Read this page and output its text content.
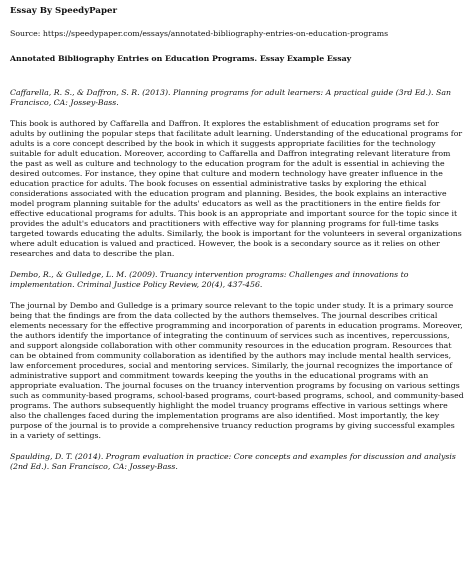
Essay By SpeedyPaper
Source: https://speedypaper.com/essays/annotated-bibliography-entries-on-education-programs
Annotated Bibliography Entries on Education Programs. Essay Example Essay
Caffarella, R. S., & Daffron, S. R. (2013). Planning programs for adult learners: A practical guide (3rd Ed.). San Francisco, CA: Jossey-Bass.
This book is authored by Caffarella and Daffron. It explores the establishment of education programs set for adults by outlining the popular steps that facilitate adult learning. Understanding of the educational programs for adults is a core concept described by the book in which it suggests appropriate facilities for the technology suitable for adult education. Moreover, according to Caffarella and Daffron integrating relevant literature from the past as well as culture and technology to the education program for the adult is essential in achieving the desired outcomes. For instance, they opine that culture and modern technology have greater influence in the education practice for adults. The book focuses on essential administrative tasks by exploring the ethical considerations associated with the education program and planning. Besides, the book explains an interactive model program planning suitable for the adults' educators as well as the practitioners in the entire fields for effective educational programs for adults. This book is an appropriate and important source for the topic since it provides the adult's educators and practitioners with effective way for planning programs for full-time tasks targeted towards educating the adults. Similarly, the book is important for the volunteers in several organizations where adult education is valued and practiced. However, the book is a secondary source as it relies on other researches and data to describe the plan.
Dembo, R., & Gulledge, L. M. (2009). Truancy intervention programs: Challenges and innovations to implementation. Criminal Justice Policy Review, 20(4), 437-456.
The journal by Dembo and Gulledge is a primary source relevant to the topic under study. It is a primary source being that the findings are from the data collected by the authors themselves. The journal describes critical elements necessary for the effective programming and incorporation of parents in education programs. Moreover, the authors identify the importance of integrating the continuum of services such as incentives, repercussions, and support alongside collaboration with other community resources in the education program. Resources that can be obtained from community collaboration as identified by the authors may include mental health services, law enforcement procedures, social and mentoring services. Similarly, the journal recognizes the importance of administrative support and commitment towards keeping the youths in the educational programs with an appropriate evaluation. The journal focuses on the truancy intervention programs by focusing on various settings such as community-based programs, school-based programs, court-based programs, school, and community-based programs. The authors subsequently highlight the model truancy programs effective in various settings where also the challenges faced during the implementation programs are also identified. Most importantly, the key purpose of the journal is to provide a comprehensive truancy reduction programs by giving successful examples in a variety of settings.
Spaulding, D. T. (2014). Program evaluation in practice: Core concepts and examples for discussion and analysis (2nd Ed.). San Francisco, CA: Jossey-Bass.
